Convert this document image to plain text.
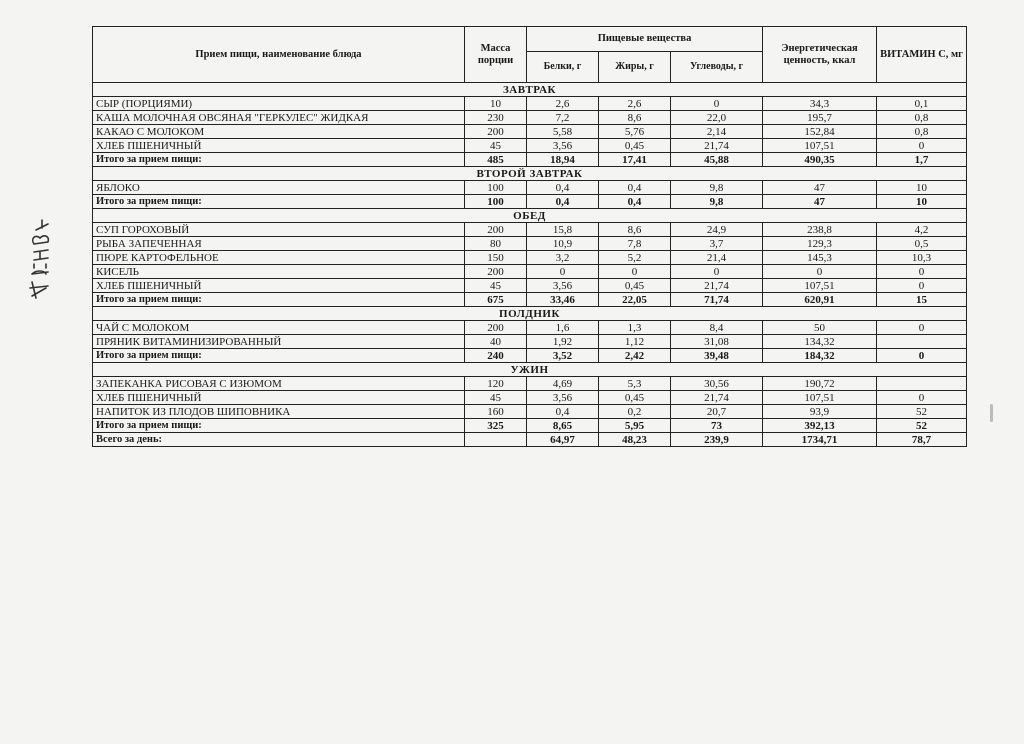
Прием пищи, наименование блюда	Масса порции	Пищевые вещества			Энергетическая ценность, ккал	ВИТАМИН С, мг
		Белки, г	Жиры, г	Углеводы, г		
ЗАВТРАК						
СЫР (ПОРЦИЯМИ)	10	2,6	2,6	0	34,3	0,1
КАША МОЛОЧНАЯ ОВСЯНАЯ "ГЕРКУЛЕС" ЖИДКАЯ	230	7,2	8,6	22,0	195,7	0,8
КАКАО С МОЛОКОМ	200	5,58	5,76	2,14	152,84	0,8
ХЛЕБ ПШЕНИЧНЫЙ	45	3,56	0,45	21,74	107,51	0
Итого за прием пищи:	485	18,94	17,41	45,88	490,35	1,7
ВТОРОЙ ЗАВТРАК						
ЯБЛОКО	100	0,4	0,4	9,8	47	10
Итого за прием пищи:	100	0,4	0,4	9,8	47	10
ОБЕД						
СУП ГОРОХОВЫЙ	200	15,8	8,6	24,9	238,8	4,2
РЫБА ЗАПЕЧЕННАЯ	80	10,9	7,8	3,7	129,3	0,5
ПЮРЕ КАРТОФЕЛЬНОЕ	150	3,2	5,2	21,4	145,3	10,3
КИСЕЛЬ	200	0	0	0	0	0
ХЛЕБ ПШЕНИЧНЫЙ	45	3,56	0,45	21,74	107,51	0
Итого за прием пищи:	675	33,46	22,05	71,74	620,91	15
ПОЛДНИК						
ЧАЙ С МОЛОКОМ	200	1,6	1,3	8,4	50	0
ПРЯНИК ВИТАМИНИЗИРОВАННЫЙ	40	1,92	1,12	31,08	134,32	
Итого за прием пищи:	240	3,52	2,42	39,48	184,32	0
УЖИН						
ЗАПЕКАНКА РИСОВАЯ С ИЗЮМОМ	120	4,69	5,3	30,56	190,72	
ХЛЕБ ПШЕНИЧНЫЙ	45	3,56	0,45	21,74	107,51	0
НАПИТОК ИЗ ПЛОДОВ ШИПОВНИКА	160	0,4	0,2	20,7	93,9	52
Итого за прием пищи:	325	8,65	5,95	73	392,13	52
Всего за день:		64,97	48,23	239,9	1734,71	78,7
